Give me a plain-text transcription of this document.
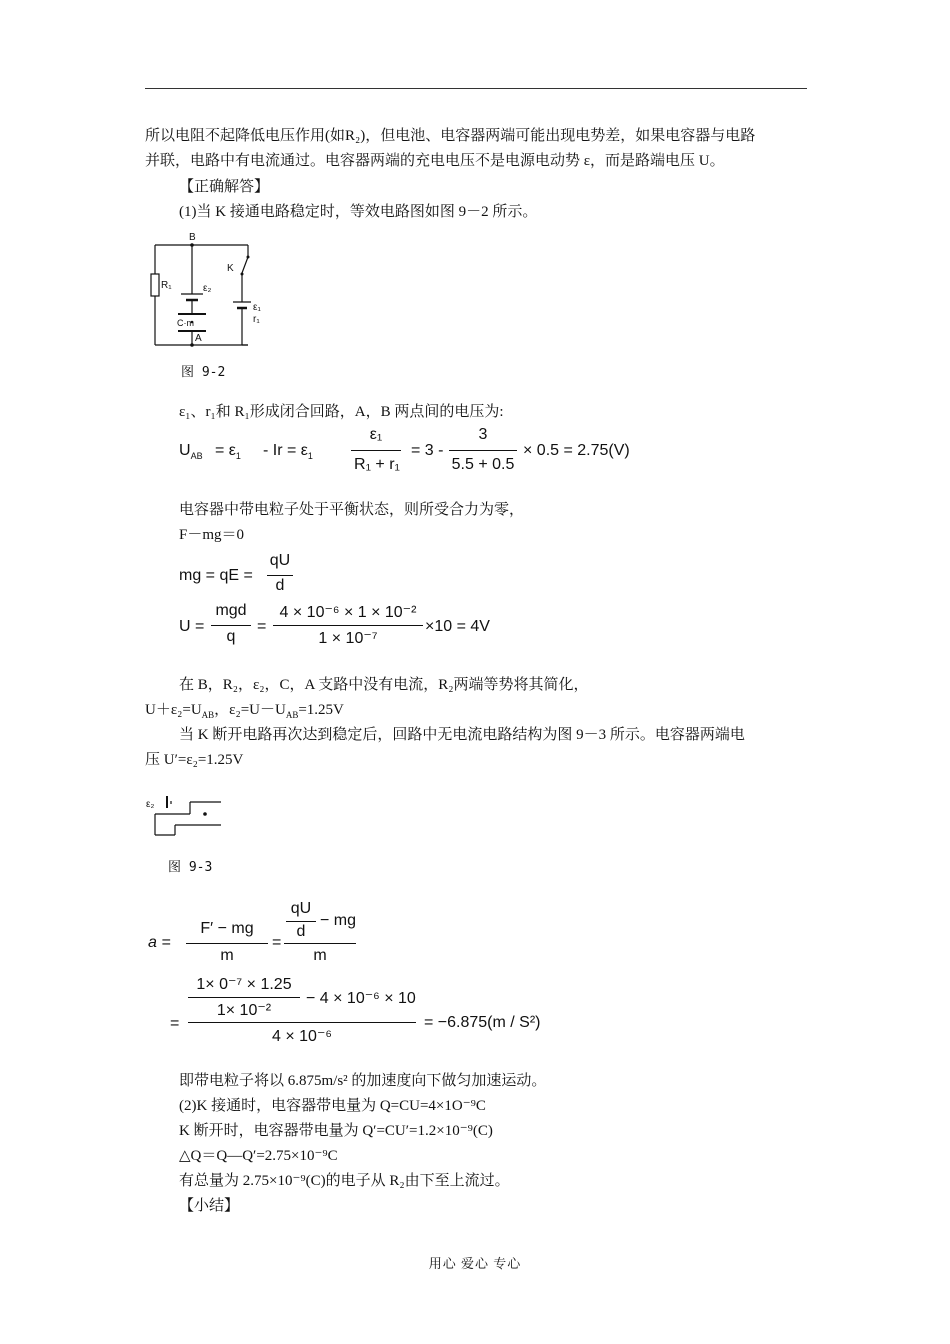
所以电阻不起降低电压作用(如R₂)，但电池、电容器两端可能出现电势差，如果电容器与电路
并联，电路中有电流通过。电容器两端的充电电压不是电源电动势 ε，而是路端电压 U。
【正确解答】
(1)当 K 接通电路稳定时，等效电路图如图 9－2 所示。
B
A
K
R₁	ε₂
C·m
ε₁
r₁
图 9-2
ε₁、r₁和 R₁形成闭合回路，A，B 两点间的电压为:
$U_{AB} = \varepsilon_1 - Ir = \varepsilon_1$
ε₁
R₁ + r₁
= 3 -
3
5.5 + 0.5
× 0.5 = 2.75(V)
电容器中带电粒子处于平衡状态，则所受合力为零，
F－mg＝0
mg = qE =
qU
d
U =
mgd
q
=
4 × 10⁻⁶ × 1 × 10⁻²
1 × 10⁻⁷
×10 = 4V
在 B，R₂，ε₂，C，A 支路中没有电流，R₂两端等势将其简化，
$U+\varepsilon_2=U_{AB}$，$\varepsilon_2=U-U_{AB}=1.25V$
当 K 断开电路再次达到稳定后，回路中无电流电路结构为图 9－3 所示。电容器两端电
压 U′=ε₂=1.25V
ε₂
图 9-3
a =
F′ − mg
m
=
qU
d
− mg
m
=
1× 0⁻⁷ × 1.25
1× 10⁻²
− 4 × 10⁻⁶ × 10
4 × 10⁻⁶
= −6.875(m / S²)
即带电粒子将以 6.875m/s² 的加速度向下做匀加速运动。
(2)K 接通时，电容器带电量为 Q=CU=4×1O⁻⁹C
K 断开时，电容器带电量为 Q′=CU′=1.2×10⁻⁹(C)
△Q＝Q—Q′=2.75×10⁻⁹C
有总量为 2.75×10⁻⁹(C)的电子从 R₂由下至上流过。
【小结】
用心 爱心 专心
